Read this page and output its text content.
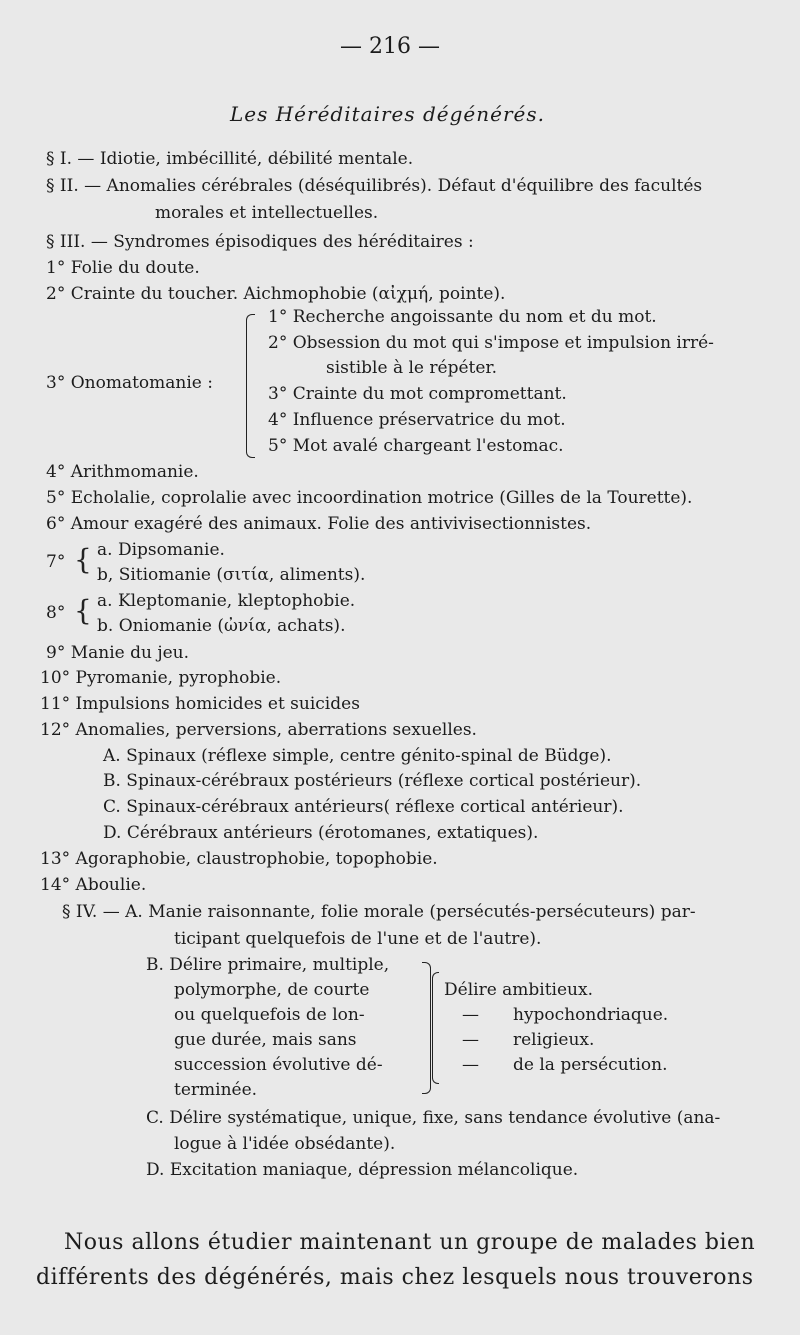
— 216 —
Les Héréditaires dégénérés.
§ I. — Idiotie, imbécillité, débilité mentale.
§ II. — Anomalies cérébrales (déséquilibrés). Défaut d'équilibre des facultés
morales et intellectuelles.
§ III. — Syndromes épisodiques des héréditaires :
1° Folie du doute.
2° Crainte du toucher. Aichmophobie (αἰχμή, pointe).
3° Onomatomanie :
1° Recherche angoissante du nom et du mot.
2° Obsession du mot qui s'impose et impulsion irré-
sistible à le répéter.
3° Crainte du mot compromettant.
4° Influence préservatrice du mot.
5° Mot avalé chargeant l'estomac.
4° Arithmomanie.
5° Echolalie, coprolalie avec incoordination motrice (Gilles de la Tourette).
6° Amour exagéré des animaux. Folie des antivivisectionnistes.
7° { a. Dipsomanie.
b, Sitiomanie (σιτία, aliments).
8° { a. Kleptomanie, kleptophobie.
b. Oniomanie (ὠνία, achats).
9° Manie du jeu.
10° Pyromanie, pyrophobie.
11° Impulsions homicides et suicides
12° Anomalies, perversions, aberrations sexuelles.
A. Spinaux (réflexe simple, centre génito-spinal de Büdge).
B. Spinaux-cérébraux postérieurs (réflexe cortical postérieur).
C. Spinaux-cérébraux antérieurs( réflexe cortical antérieur).
D. Cérébraux antérieurs (érotomanes, extatiques).
13° Agoraphobie, claustrophobie, topophobie.
14° Aboulie.
§ IV. — A. Manie raisonnante, folie morale (persécutés-persécuteurs) par-
ticipant quelquefois de l'une et de l'autre).
B. Délire primaire, multiple,
polymorphe, de courte
ou quelquefois de lon-
gue durée, mais sans
succession évolutive dé-
terminée.
Délire ambitieux.
— hypochondriaque.
— religieux.
— de la persécution.
C. Délire systématique, unique, fixe, sans tendance évolutive (ana-
logue à l'idée obsédante).
D. Excitation maniaque, dépression mélancolique.
Nous allons étudier maintenant un groupe de malades bien
différents des dégénérés, mais chez lesquels nous trouverons
